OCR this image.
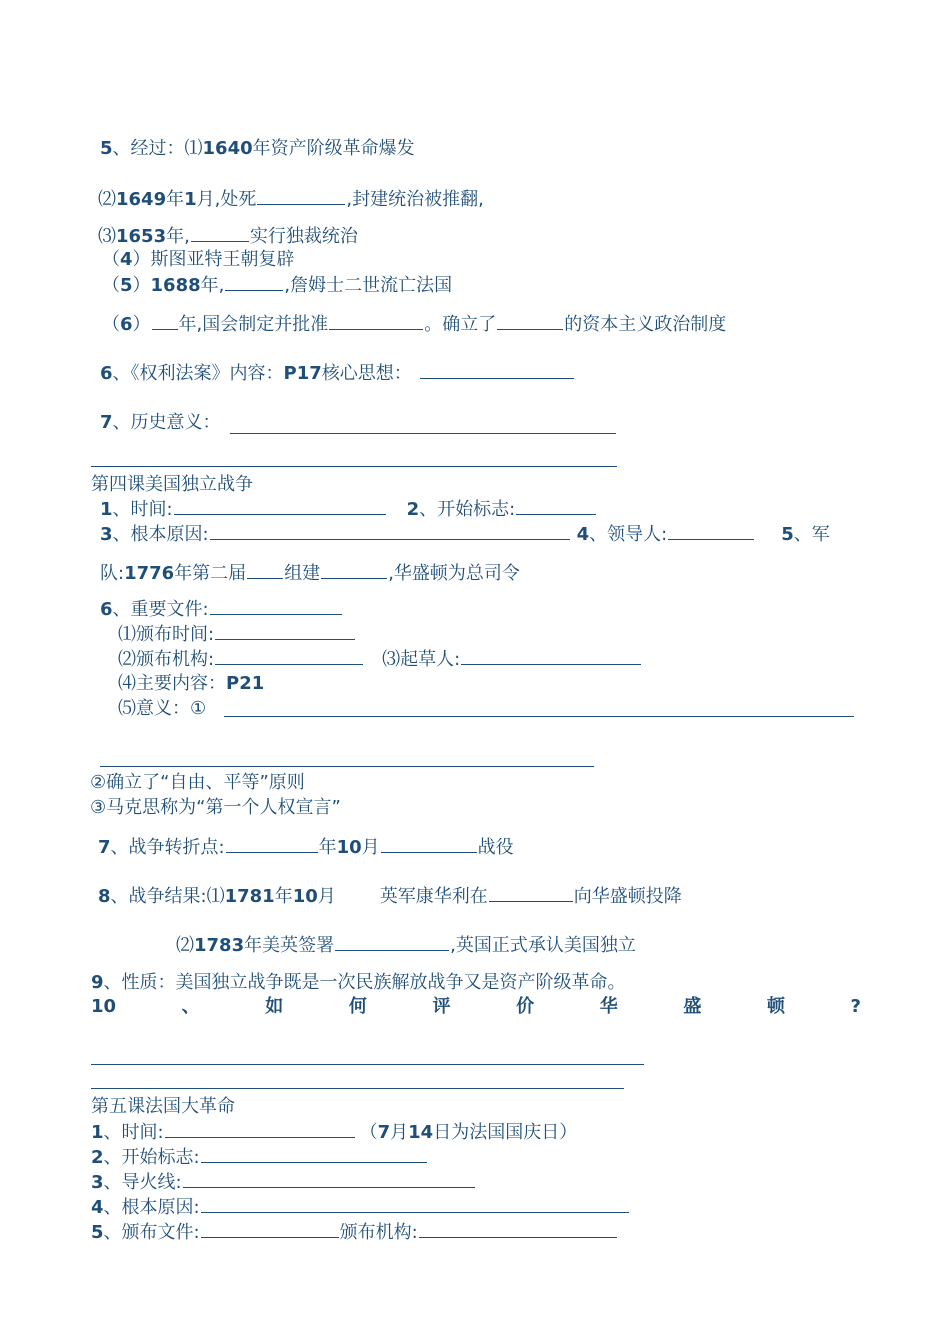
5、经过：⑴1640年资产阶级革命爆发
⑵1649年1月,处死	,封建统治被推翻,
⑶1653年,	实行独裁统治
（4）斯图亚特王朝复辟
（5）1688年,	,詹姆士二世流亡法国
（6） 年,国会制定并批准	。确立了	的资本主义政治制度
6、《权利法案》内容：P17核心思想：
7、历史意义：
第四课美国独立战争
1、时间:	2、开始标志:
3、根本原因:	4、领导人:	5、军
队:1776年第二届 组建	,华盛顿为总司令
6、重要文件:
⑴颁布时间:
⑵颁布机构:	⑶起草人:
⑷主要内容：P21
⑸意义：①
②确立了“自由、平等”原则
③马克思称为“第一个人权宣言”
7、战争转折点:	年10月	战役
8、战争结果:⑴1781年10月 英军康华利在	向华盛顿投降
⑵1783年美英签署	,英国正式承认美国独立
9、性质：美国独立战争既是一次民族解放战争又是资产阶级革命。
10	、	如	何	评	价	华	盛	顿	?
第五课法国大革命
1、时间:	（7月14日为法国国庆日）
2、开始标志:
3、导火线:
4、根本原因:
5、颁布文件:	颁布机构:
